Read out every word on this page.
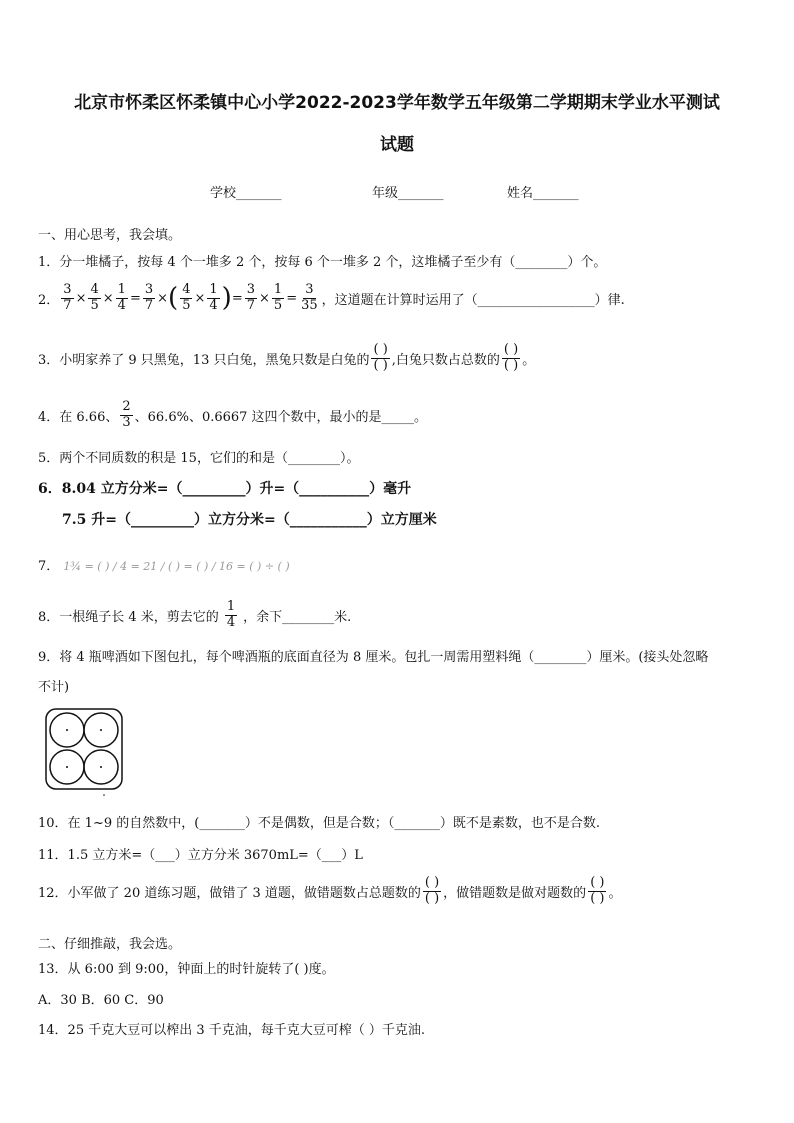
北京市怀柔区怀柔镇中心小学2022-2023学年数学五年级第二学期期末学业水平测试
试题
学校_______	年级_______	姓名_______
一、用心思考，我会填。
1．分一堆橘子，按每 4 个一堆多 2 个，按每 6 个一堆多 2 个，这堆橘子至少有（________）个。
2． $\frac{3}{7} \times \frac{4}{5} \times \frac{1}{4} = \frac{3}{7}$ × ( $\frac{4}{5} \times \frac{1}{4}$ ) = $\frac{3}{7} \times \frac{1}{5} = \frac{3}{35}$ ，这道题在计算时运用了（__________________）律.
3．小明家养了 9 只黑兔，13 只白兔，黑兔只数是白兔的 $\frac{( )}{( )}$ ,白兔只数占总数的 $\frac{( )}{( )}$ 。
4．在 6.66、 $\frac{2}{3}$ 、66.6%、0.6667 这四个数中，最小的是_____。
5．两个不同质数的积是 15，它们的和是（________）。
6．8.04 立方分米=（_________）升=（__________）毫升
7.5 升=（_________）立方分米=（___________）立方厘米
7． 1¾ = ( ) / 4 = 21 / ( ) = ( ) / 16 = ( ) ÷ ( )
8．一根绳子长 4 米，剪去它的 $\frac{1}{4}$ ，余下________米.
9．将 4 瓶啤酒如下图包扎，每个啤酒瓶的底面直径为 8 厘米。包扎一周需用塑料绳（________）厘米。(接头处忽略
不计)
10．在 1~9 的自然数中，(_______）不是偶数，但是合数；（_______）既不是素数，也不是合数.
11．1.5 立方米=（___）立方分米 3670mL=（___）L
12．小军做了 20 道练习题，做错了 3 道题，做错题数占总题数的 $\frac{( )}{( )}$ ，做错题数是做对题数的 $\frac{( )}{( )}$ 。
二、仔细推敲，我会选。
13．从 6:00 到 9:00，钟面上的时针旋转了( )度。
A．30 B．60 C．90
14．25 千克大豆可以榨出 3 千克油，每千克大豆可榨（ ）千克油.
